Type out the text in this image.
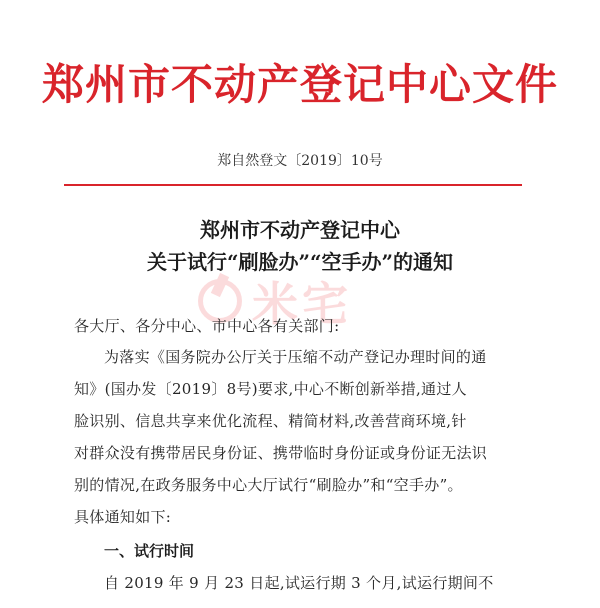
郑州市不动产登记中心文件
郑自然登文〔2019〕10号
郑州市不动产登记中心
关于试行“刷脸办”“空手办”的通知
米宅
各大厅、各分中心、市中心各有关部门:
为落实《国务院办公厅关于压缩不动产登记办理时间的通
知》(国办发〔2019〕8号)要求,中心不断创新举措,通过人
脸识别、信息共享来优化流程、精简材料,改善营商环境,针
对群众没有携带居民身份证、携带临时身份证或身份证无法识
别的情况,在政务服务中心大厅试行“刷脸办”和“空手办”。
具体通知如下:
一、试行时间
自 2019 年 9 月 23 日起,试运行期 3 个月,试运行期间不
